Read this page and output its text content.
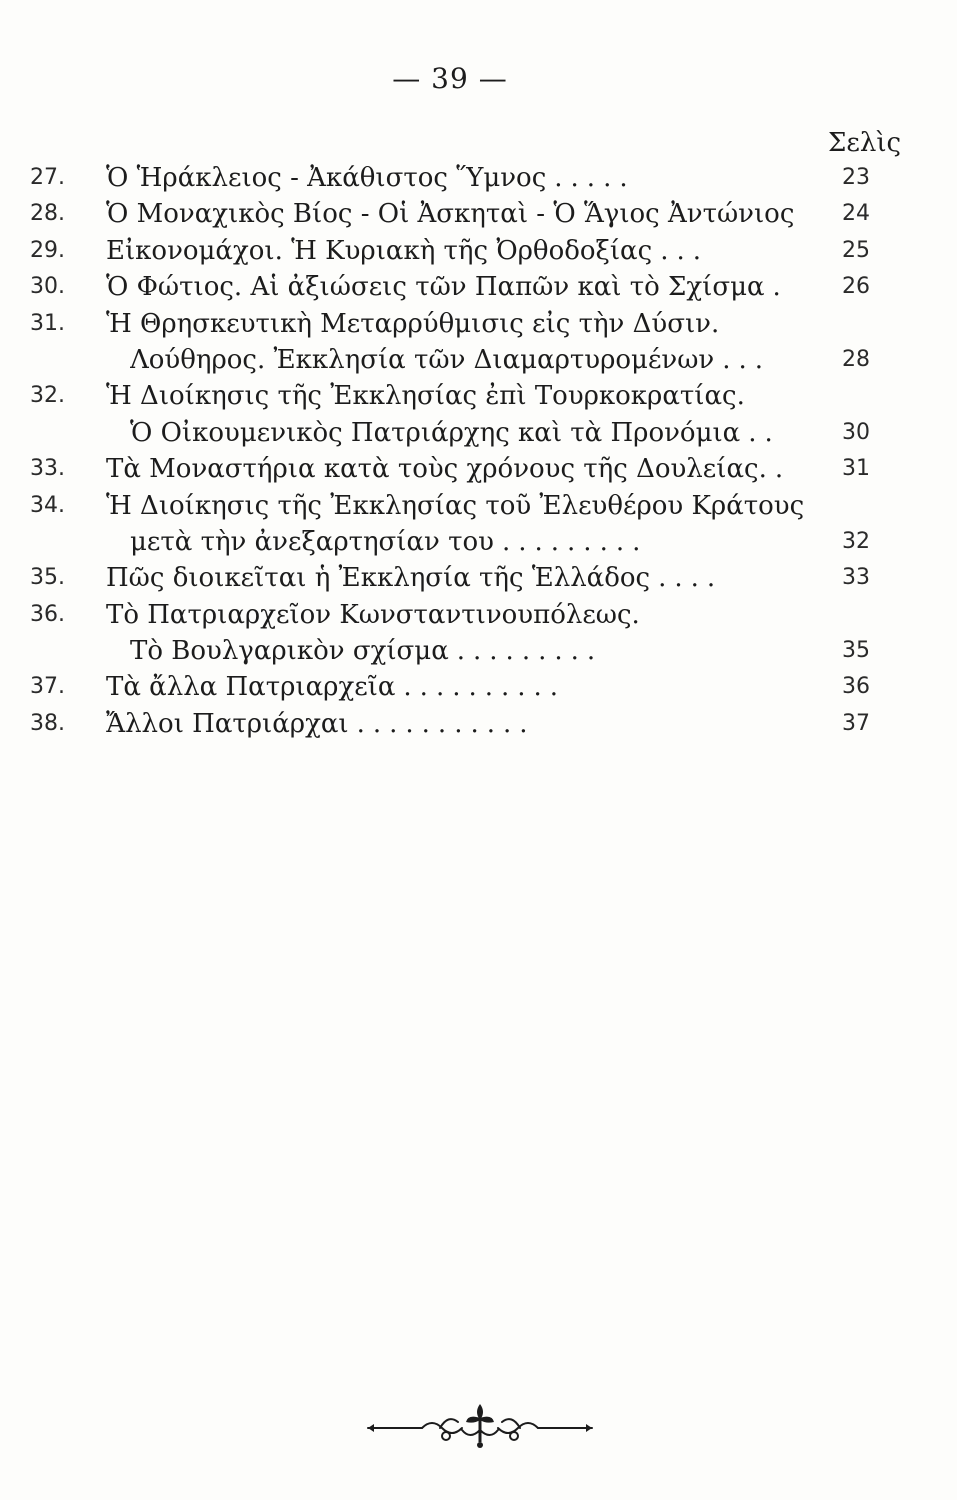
— 39 —
Σελὶς
27.	Ὁ Ἡράκλειος - Ἀκάθιστος Ὕμνος .....	23
28.	Ὁ Μοναχικὸς Βίος - Οἱ Ἀσκηταὶ - Ὁ Ἅγιος Ἀντώνιος	24
29.	Εἰκονομάχοι. Ἡ Κυριακὴ τῆς Ὀρθοδοξίας ...	25
30.	Ὁ Φώτιος. Αἱ ἀξιώσεις τῶν Παπῶν καὶ τὸ Σχίσμα .	26
31.	Ἡ Θρησκευτικὴ Μεταρρύθμισις εἰς τὴν Δύσιν.
Λούθηρος. Ἐκκλησία τῶν Διαμαρτυρομένων ...	28
32.	Ἡ Διοίκησις τῆς Ἐκκλησίας ἐπὶ Τουρκοκρατίας.
Ὁ Οἰκουμενικὸς Πατριάρχης καὶ τὰ Προνόμια ..	30
33.	Τὰ Μοναστήρια κατὰ τοὺς χρόνους τῆς Δουλείας. .	31
34.	Ἡ Διοίκησις τῆς Ἐκκλησίας τοῦ Ἐλευθέρου Κράτους
μετὰ τὴν ἀνεξαρτησίαν του .........	32
35.	Πῶς διοικεῖται ἡ Ἐκκλησία τῆς Ἑλλάδος ....	33
36.	Τὸ Πατριαρχεῖον Κωνσταντινουπόλεως.
Τὸ Βουλγαρικὸν σχίσμα .........	35
37.	Τὰ ἄλλα Πατριαρχεῖα ..........	36
38.	Ἄλλοι Πατριάρχαι ...........	37
